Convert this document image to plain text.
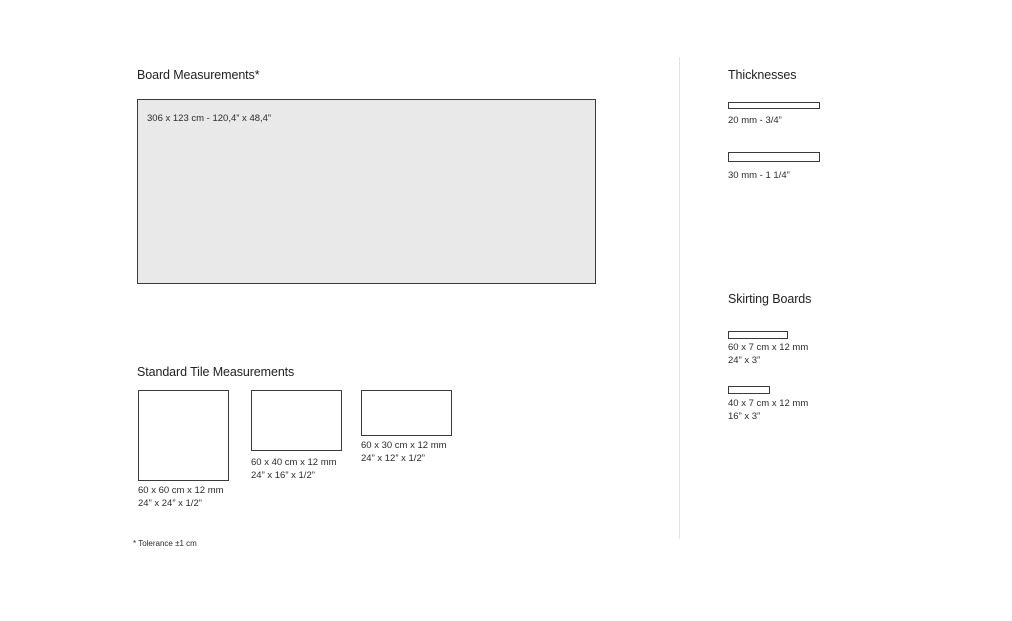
Board Measurements*
306 x 123 cm - 120,4” x 48,4”
Standard Tile Measurements
60 x 60 cm x 12 mm
24” x 24” x 1/2”
60 x 40 cm x 12 mm
24” x 16” x 1/2”
60 x 30 cm x 12 mm
24” x 12” x 1/2”
* Tolerance ±1 cm
Thicknesses
20 mm - 3/4”
30 mm - 1 1/4”
Skirting Boards
60 x 7 cm x 12 mm
24” x 3”
40 x 7 cm x 12 mm
16” x 3”
